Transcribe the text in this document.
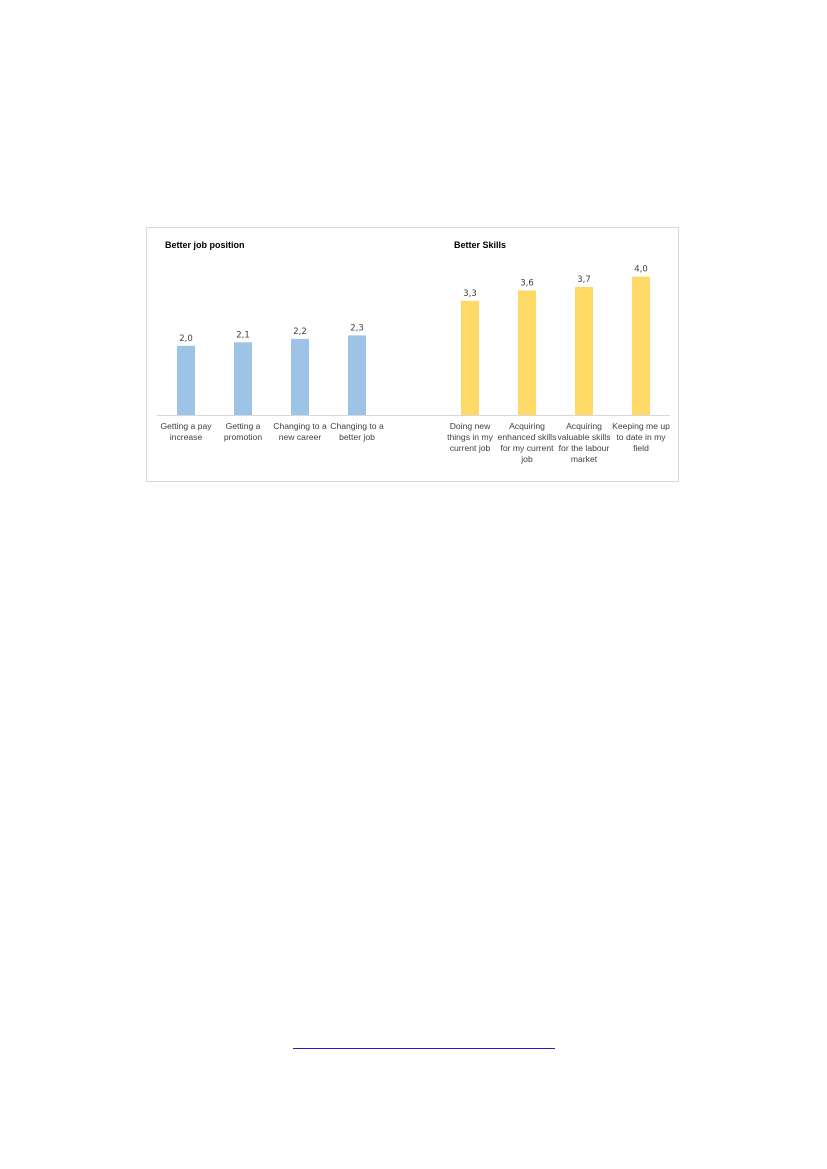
Better job position	Better Skills
2,0	2,1	2,2	2,3
3,3
3,6	3,7
4,0
Getting a pay increase
Getting a promotion
Changing to a new career
Changing to a better job
Doing new things in my current job
Acquiring enhanced skills for my current job
Acquiring valuable skills for the labour market
Keeping me up to date in my field
